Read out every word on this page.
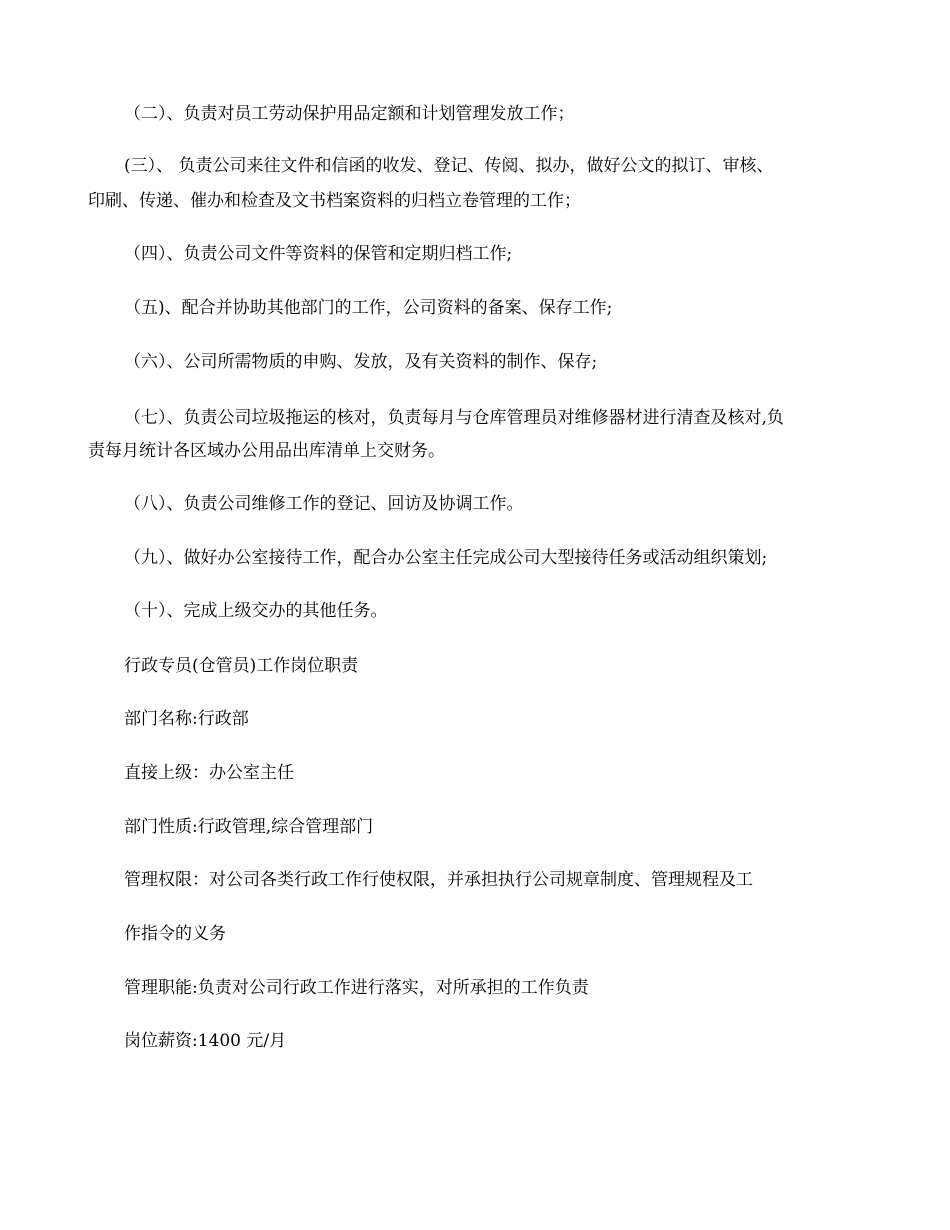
（二）、负责对员工劳动保护用品定额和计划管理发放工作；
(三）、 负责公司来往文件和信函的收发、登记、传阅、拟办，做好公文的拟订、审核、
印刷、传递、催办和检查及文书档案资料的归档立卷管理的工作；
（四）、负责公司文件等资料的保管和定期归档工作;
（五)、配合并协助其他部门的工作，公司资料的备案、保存工作;
（六）、公司所需物质的申购、发放，及有关资料的制作、保存;
（七）、负责公司垃圾拖运的核对，负责每月与仓库管理员对维修器材进行清查及核对,负
责每月统计各区域办公用品出库清单上交财务。
（八）、负责公司维修工作的登记、回访及协调工作。
（九）、做好办公室接待工作，配合办公室主任完成公司大型接待任务或活动组织策划;
（十）、完成上级交办的其他任务。
行政专员(仓管员)工作岗位职责
部门名称:行政部
直接上级：办公室主任
部门性质:行政管理,综合管理部门
管理权限：对公司各类行政工作行使权限，并承担执行公司规章制度、管理规程及工
作指令的义务
管理职能:负责对公司行政工作进行落实，对所承担的工作负责
岗位薪资:1400 元/月
